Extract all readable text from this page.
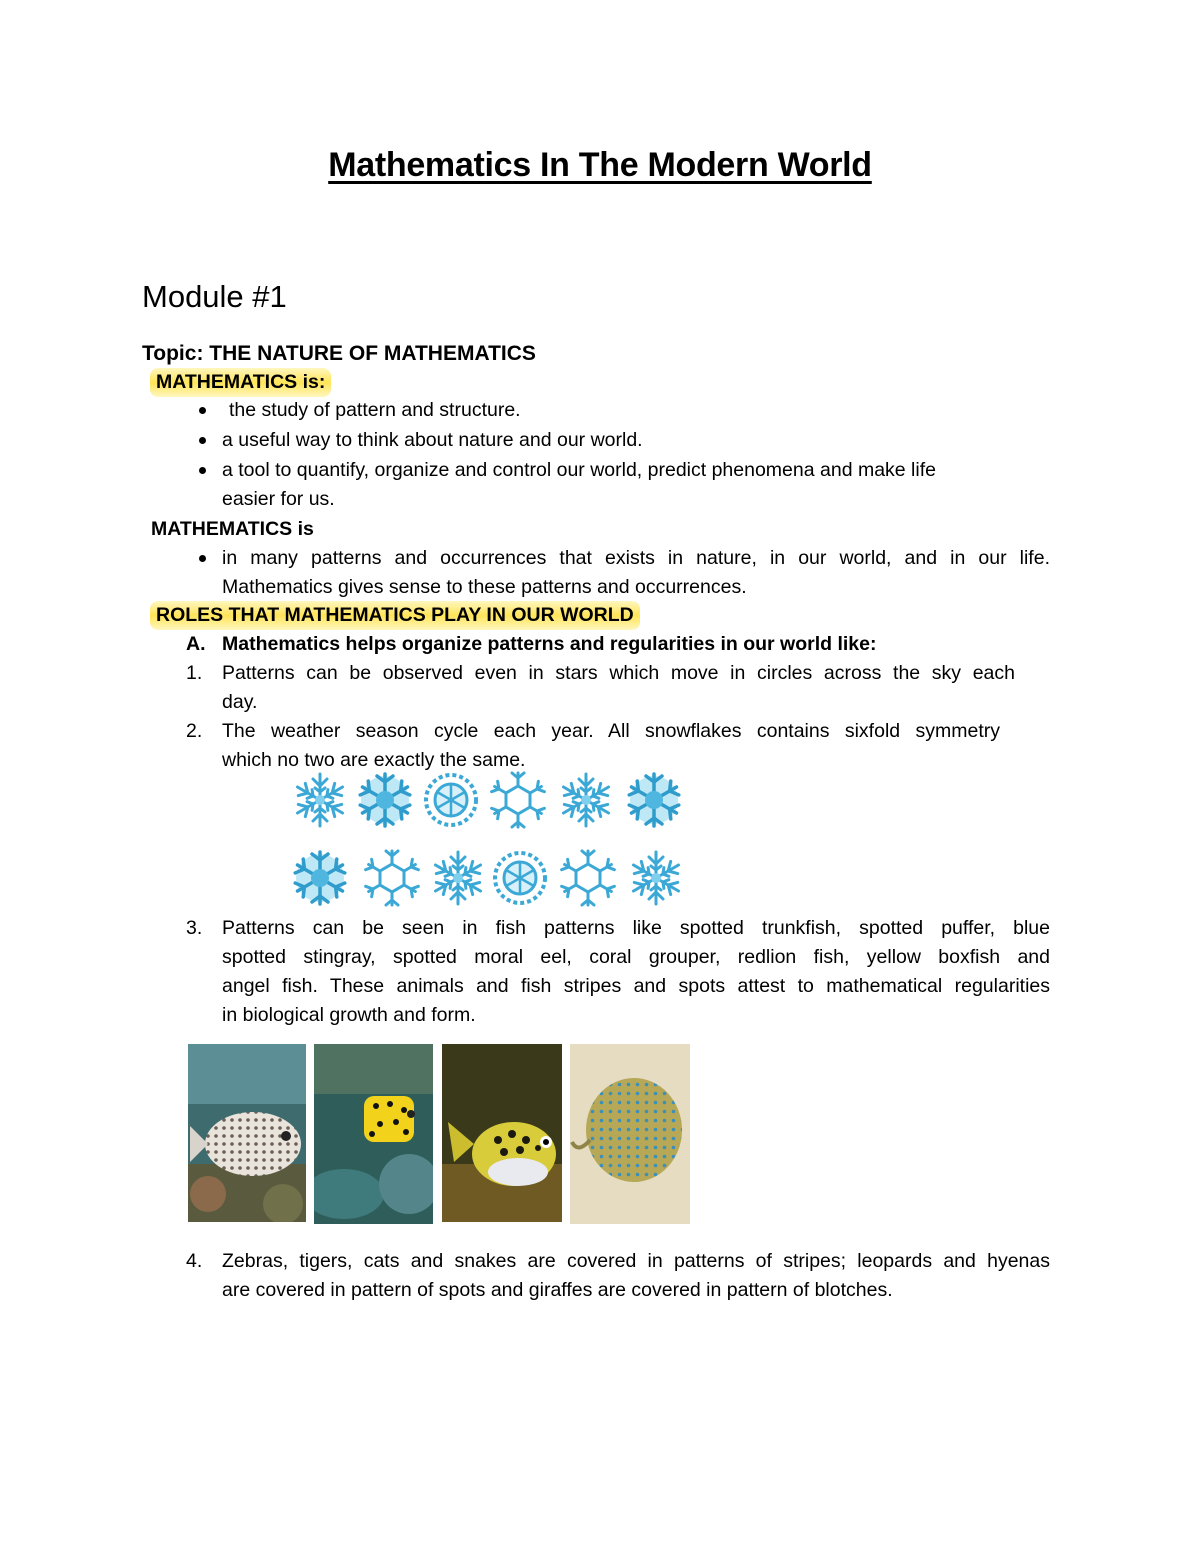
Mathematics In The Modern World
Module #1
Topic: THE NATURE OF MATHEMATICS
MATHEMATICS is:
the study of pattern and structure.
a useful way to think about nature and our world.
a tool to quantify, organize and control our world, predict phenomena and make life
easier for us.
MATHEMATICS is
in many patterns and occurrences that exists in nature, in our world, and in our life.
Mathematics gives sense to these patterns and occurrences.
ROLES THAT MATHEMATICS PLAY IN OUR WORLD
A. Mathematics helps organize patterns and regularities in our world like:
1.	Patterns can be observed even in stars which move in circles across the sky each
day.
2.	The weather season cycle each year. All snowflakes contains sixfold symmetry
which no two are exactly the same.
3.	Patterns can be seen in fish patterns like spotted trunkfish, spotted puffer, blue
spotted stingray, spotted moral eel, coral grouper, redlion fish, yellow boxfish and
angel fish. These animals and fish stripes and spots attest to mathematical regularities
in biological growth and form.
4.	Zebras, tigers, cats and snakes are covered in patterns of stripes; leopards and hyenas
are covered in pattern of spots and giraffes are covered in pattern of blotches.
